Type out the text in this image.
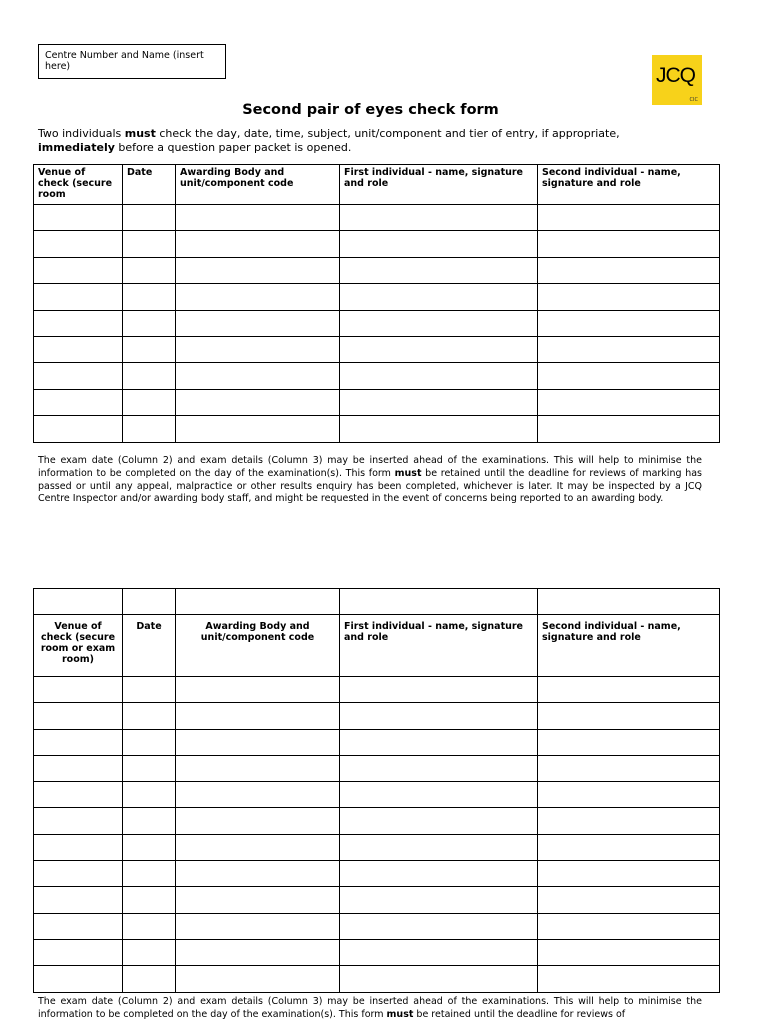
Centre Number and Name (insert here)	JCQ
CIC
Second pair of eyes check form
Two individuals must check the day, date, time, subject, unit/component and tier of entry, if appropriate,
immediately before a question paper packet is opened.
Venue of check (secure room	Date	Awarding Body and unit/component code	First individual - name, signature and role	Second individual - name, signature and role

The exam date (Column 2) and exam details (Column 3) may be inserted ahead of the examinations. This will help to minimise the information to be completed on the day of the examination(s). This form must be retained until the deadline for reviews of marking has passed or until any appeal, malpractice or other results enquiry has been completed, whichever is later. It may be inspected by a JCQ Centre Inspector and/or awarding body staff, and might be requested in the event of concerns being reported to an awarding body.

Venue of check (secure room or exam room)	Date	Awarding Body and unit/component code	First individual - name, signature and role	Second individual - name, signature and role

The exam date (Column 2) and exam details (Column 3) may be inserted ahead of the examinations. This will help to minimise the information to be completed on the day of the examination(s). This form must be retained until the deadline for reviews of
